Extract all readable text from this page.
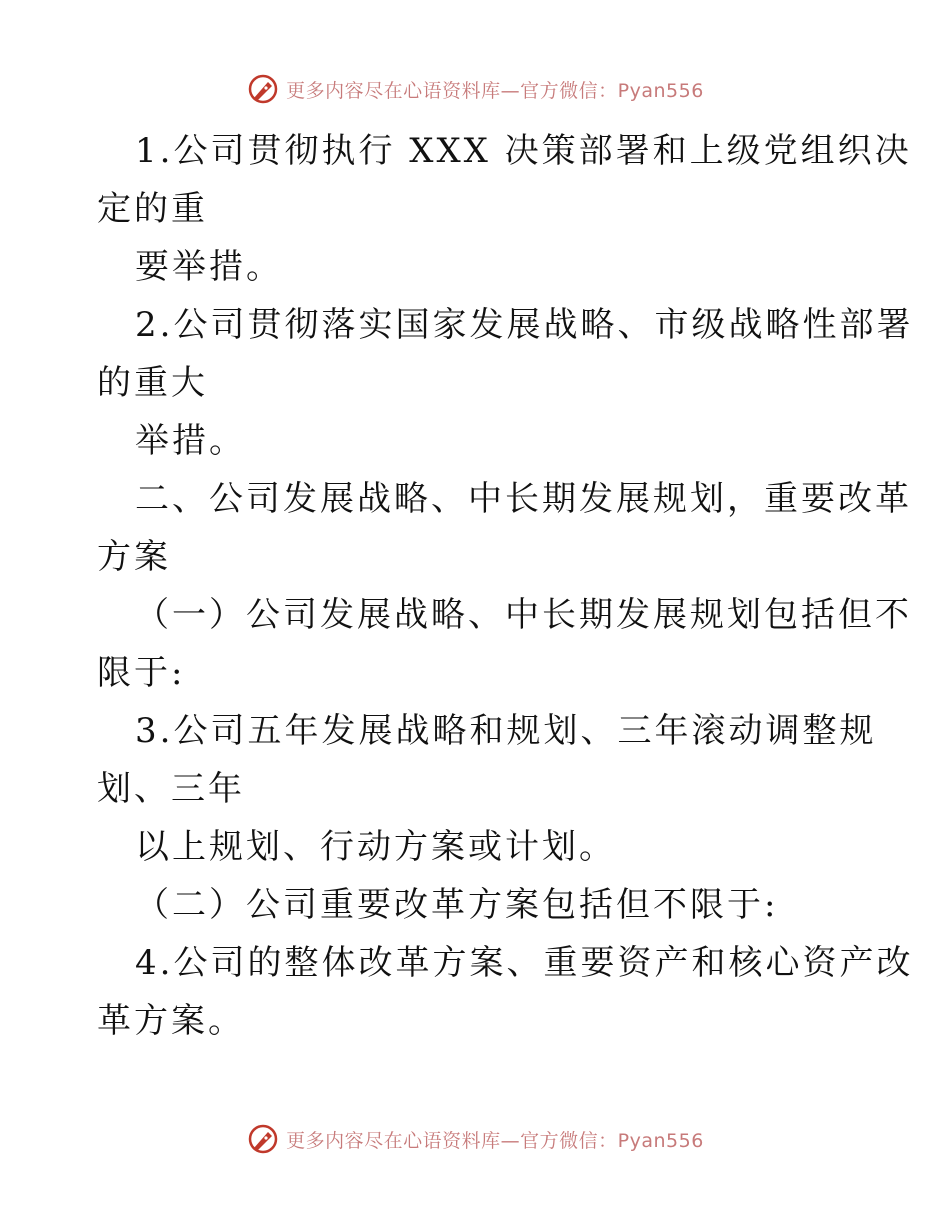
更多内容尽在心语资料库—官方微信：Pyan556
1.公司贯彻执行 XXX 决策部署和上级党组织决
定的重
要举措。
2.公司贯彻落实国家发展战略、市级战略性部署
的重大
举措。
二、公司发展战略、中长期发展规划，重要改革
方案
（一）公司发展战略、中长期发展规划包括但不
限于:
3.公司五年发展战略和规划、三年滚动调整规
划、三年
以上规划、行动方案或计划。
（二）公司重要改革方案包括但不限于:
4.公司的整体改革方案、重要资产和核心资产改
革方案。
更多内容尽在心语资料库—官方微信：Pyan556
